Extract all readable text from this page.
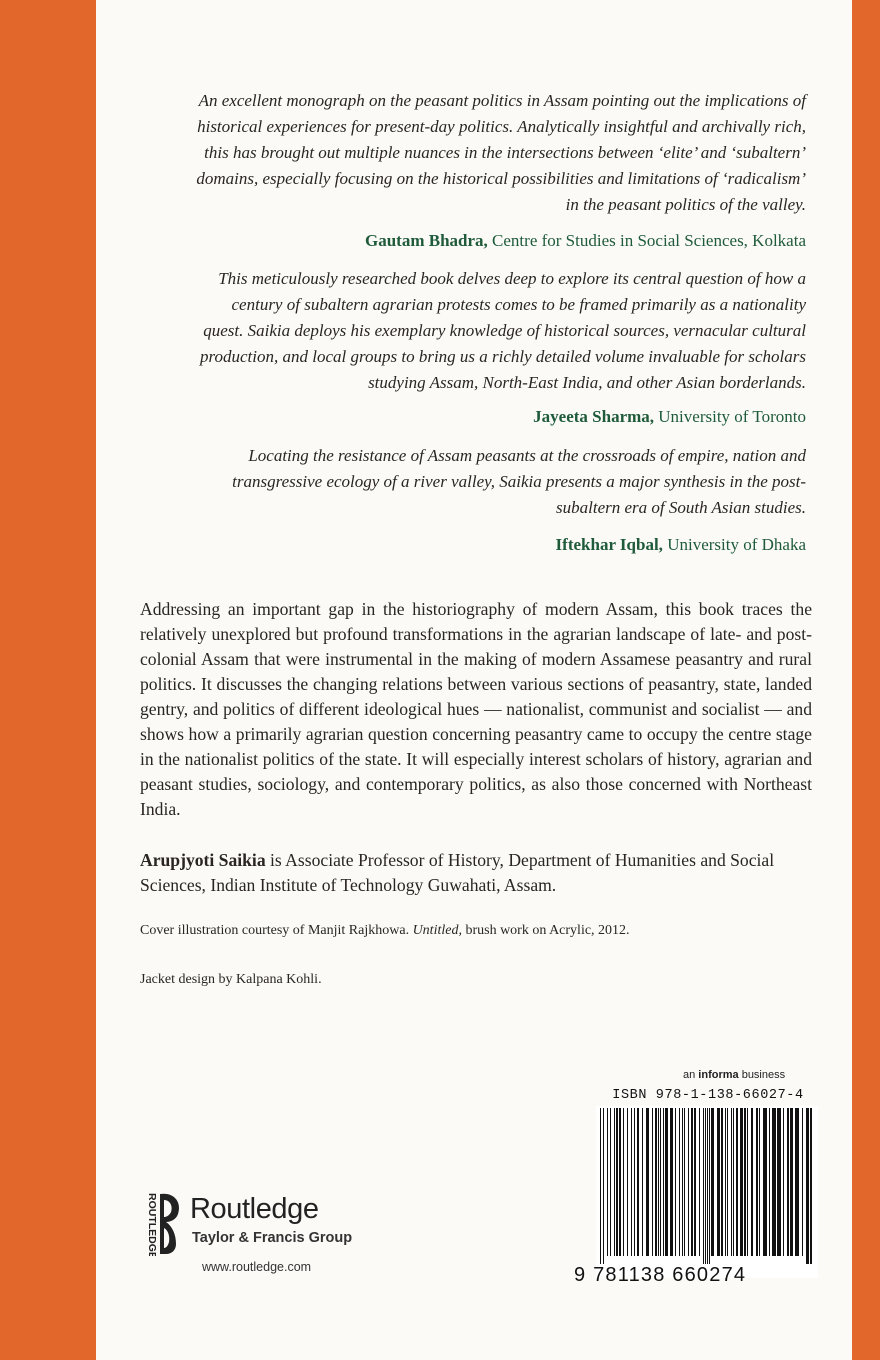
An excellent monograph on the peasant politics in Assam pointing out the implications of
historical experiences for present-day politics. Analytically insightful and archivally rich,
this has brought out multiple nuances in the intersections between ‘elite’ and ‘subaltern’
domains, especially focusing on the historical possibilities and limitations of ‘radicalism’
in the peasant politics of the valley.
Gautam Bhadra, Centre for Studies in Social Sciences, Kolkata
This meticulously researched book delves deep to explore its central question of how a
century of subaltern agrarian protests comes to be framed primarily as a nationality
quest. Saikia deploys his exemplary knowledge of historical sources, vernacular cultural
production, and local groups to bring us a richly detailed volume invaluable for scholars
studying Assam, North-East India, and other Asian borderlands.
Jayeeta Sharma, University of Toronto
Locating the resistance of Assam peasants at the crossroads of empire, nation and
transgressive ecology of a river valley, Saikia presents a major synthesis in the post-
subaltern era of South Asian studies.
Iftekhar Iqbal, University of Dhaka
Addressing an important gap in the historiography of modern Assam, this book traces the relatively unexplored but profound transformations in the agrarian landscape of late- and post-colonial Assam that were instrumental in the making of modern Assamese peasantry and rural politics. It discusses the changing relations between various sections of peasantry, state, landed gentry, and politics of different ideological hues — nationalist, communist and socialist — and shows how a primarily agrarian question concerning peasantry came to occupy the centre stage in the nationalist politics of the state. It will especially interest scholars of history, agrarian and peasant studies, sociology, and contemporary politics, as also those concerned with Northeast India.
Arupjyoti Saikia is Associate Professor of History, Department of Humanities and Social Sciences, Indian Institute of Technology Guwahati, Assam.
Cover illustration courtesy of Manjit Rajkhowa. Untitled, brush work on Acrylic, 2012.
Jacket design by Kalpana Kohli.
an informa business
ISBN 978-1-138-66027-4
9 781138 660274
ROUTLEDGE Routledge
Taylor & Francis Group
www.routledge.com
